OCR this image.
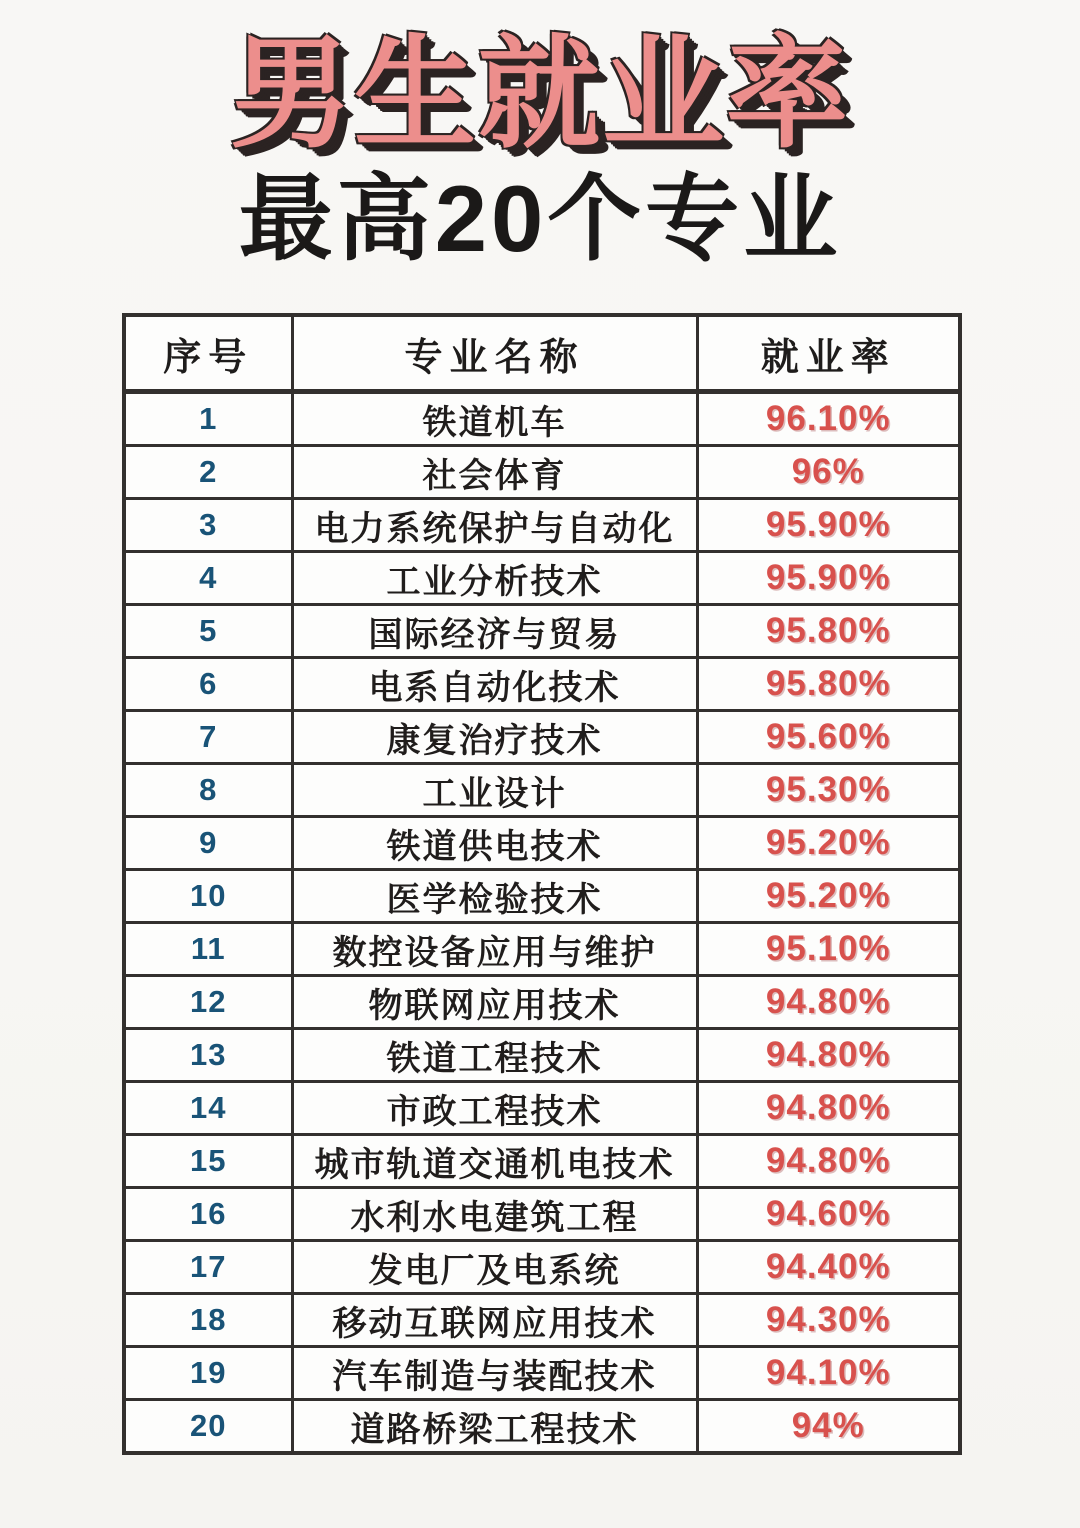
男生就业率
最高20个专业
序号	专业名称	就业率
1	铁道机车	96.10%
2	社会体育	96%
3	电力系统保护与自动化	95.90%
4	工业分析技术	95.90%
5	国际经济与贸易	95.80%
6	电系自动化技术	95.80%
7	康复治疗技术	95.60%
8	工业设计	95.30%
9	铁道供电技术	95.20%
10	医学检验技术	95.20%
11	数控设备应用与维护	95.10%
12	物联网应用技术	94.80%
13	铁道工程技术	94.80%
14	市政工程技术	94.80%
15	城市轨道交通机电技术	94.80%
16	水利水电建筑工程	94.60%
17	发电厂及电系统	94.40%
18	移动互联网应用技术	94.30%
19	汽车制造与装配技术	94.10%
20	道路桥梁工程技术	94%
